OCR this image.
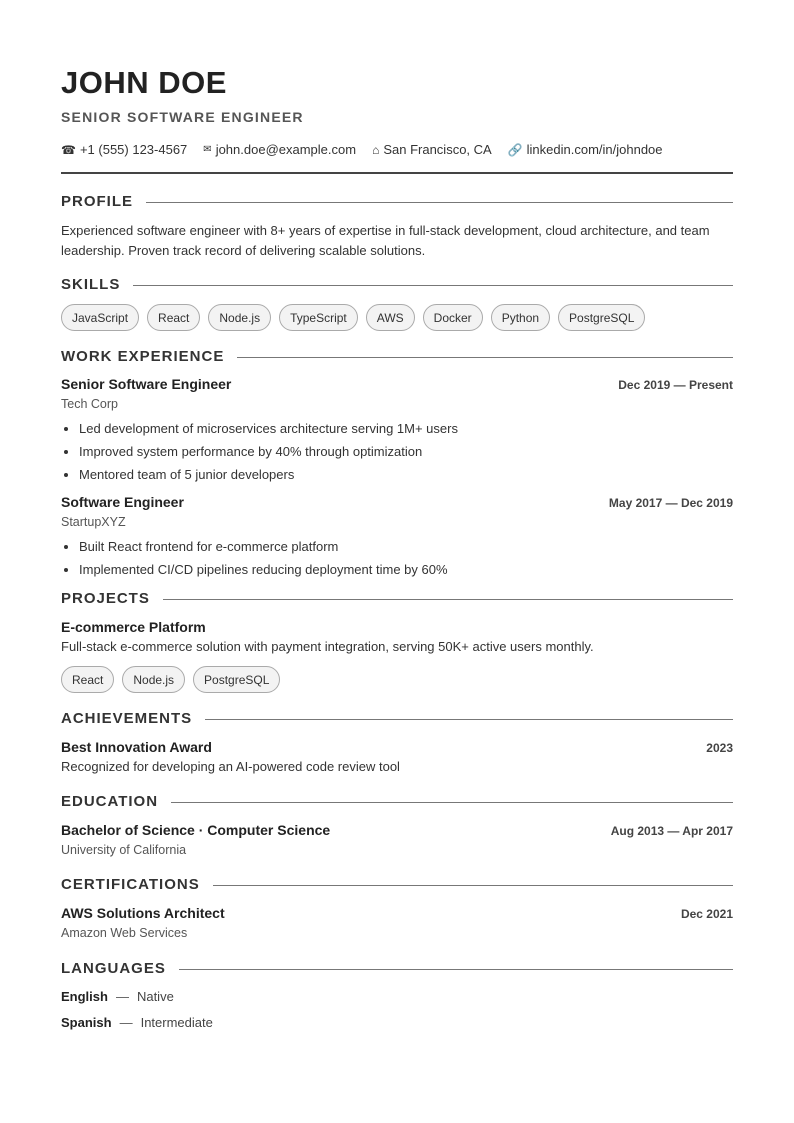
JOHN DOE
SENIOR SOFTWARE ENGINEER
☎ +1 (555) 123-4567 ✉ john.doe@example.com ⌂ San Francisco, CA 🔗 linkedin.com/in/johndoe
PROFILE
Experienced software engineer with 8+ years of expertise in full-stack development, cloud architecture, and team leadership. Proven track record of delivering scalable solutions.
SKILLS
JavaScript	React	Node.js	TypeScript	AWS	Docker	Python	PostgreSQL
WORK EXPERIENCE
Senior Software Engineer	Dec 2019 — Present
Tech Corp
• Led development of microservices architecture serving 1M+ users
• Improved system performance by 40% through optimization
• Mentored team of 5 junior developers
Software Engineer	May 2017 — Dec 2019
StartupXYZ
• Built React frontend for e-commerce platform
• Implemented CI/CD pipelines reducing deployment time by 60%
PROJECTS
E-commerce Platform
Full-stack e-commerce solution with payment integration, serving 50K+ active users monthly.
React	Node.js	PostgreSQL
ACHIEVEMENTS
Best Innovation Award	2023
Recognized for developing an AI-powered code review tool
EDUCATION
Bachelor of Science · Computer Science	Aug 2013 — Apr 2017
University of California
CERTIFICATIONS
AWS Solutions Architect	Dec 2021
Amazon Web Services
LANGUAGES
English — Native
Spanish — Intermediate
